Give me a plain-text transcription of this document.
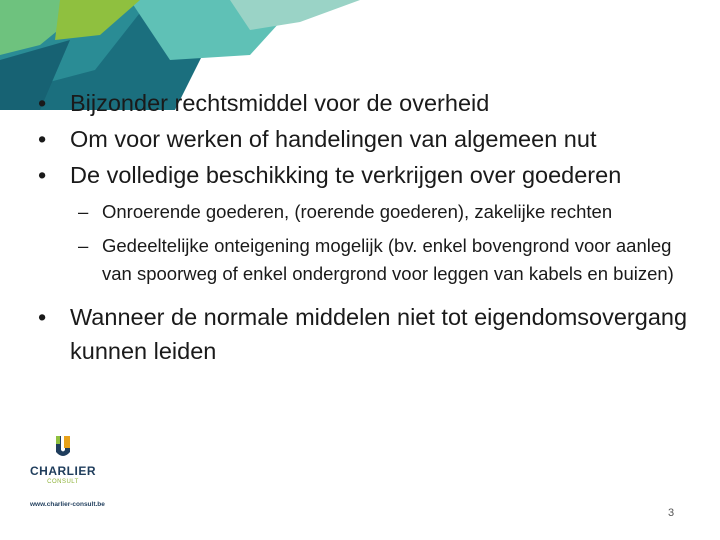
•	Bijzonder rechtsmiddel voor de overheid
•	Om voor werken of handelingen van algemeen nut
•	De volledige beschikking te verkrijgen over goederen
– Onroerende goederen, (roerende goederen), zakelijke rechten
– Gedeeltelijke onteigening mogelijk (bv. enkel bovengrond voor aanleg van spoorweg of enkel ondergrond voor leggen van kabels en buizen)
•	Wanneer de normale middelen niet tot eigendomsovergang kunnen leiden
CHARLIER
CONSULT
www.charlier-consult.be
3
